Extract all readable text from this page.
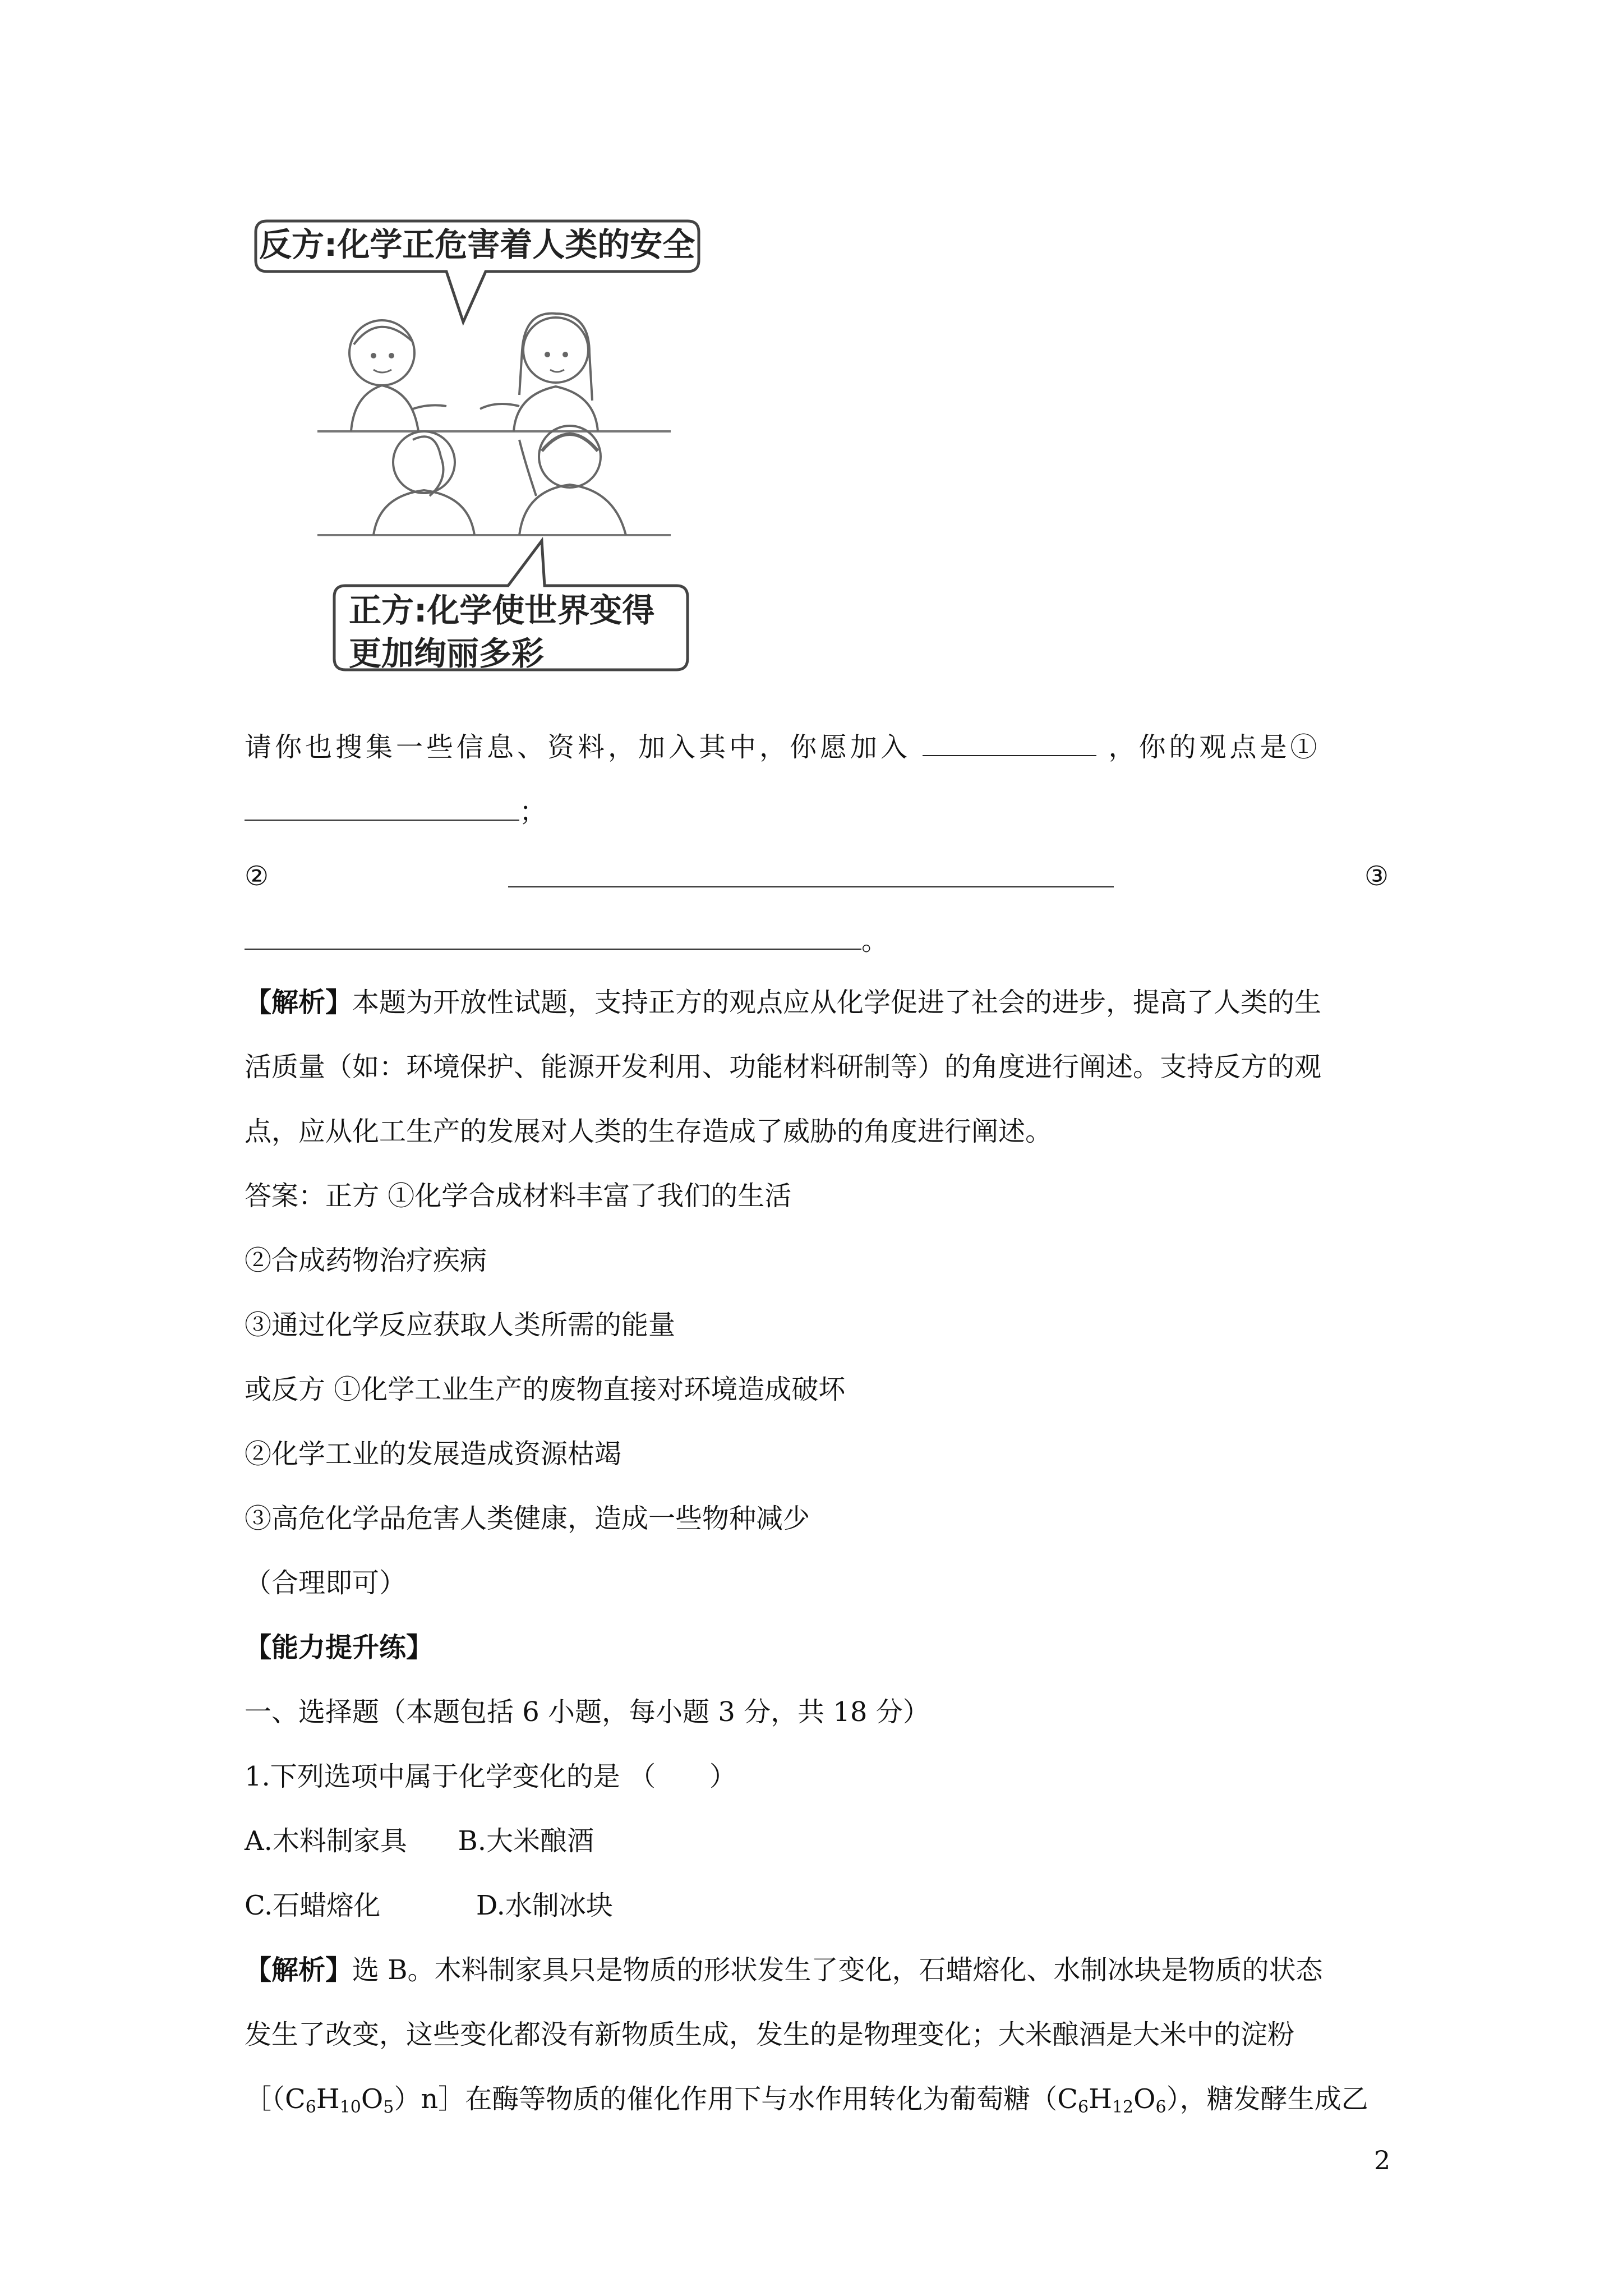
反方:化学正危害着人类的安全
正方:化学使世界变得
更加绚丽多彩
请你也搜集一些信息、资料，加入其中，你愿加入	，你的观点是①
；
②	③
。
【解析】本题为开放性试题，支持正方的观点应从化学促进了社会的进步，提高了人类的生
活质量（如：环境保护、能源开发利用、功能材料研制等）的角度进行阐述。支持反方的观
点，应从化工生产的发展对人类的生存造成了威胁的角度进行阐述。
答案：正方 ①化学合成材料丰富了我们的生活
②合成药物治疗疾病
③通过化学反应获取人类所需的能量
或反方 ①化学工业生产的废物直接对环境造成破坏
②化学工业的发展造成资源枯竭
③高危化学品危害人类健康，造成一些物种减少
（合理即可）
【能力提升练】
一、选择题（本题包括 6 小题，每小题 3 分，共 18 分）
1.下列选项中属于化学变化的是 （　　）
A.木料制家具 B.大米酿酒
C.石蜡熔化	D.水制冰块
【解析】选 B。木料制家具只是物质的形状发生了变化，石蜡熔化、水制冰块是物质的状态
发生了改变，这些变化都没有新物质生成，发生的是物理变化；大米酿酒是大米中的淀粉
$[(C_6H_{10}O_5)n]$在酶等物质的催化作用下与水作用转化为葡萄糖$(C_6H_{12}O_6)$，糖发酵生成乙
2
